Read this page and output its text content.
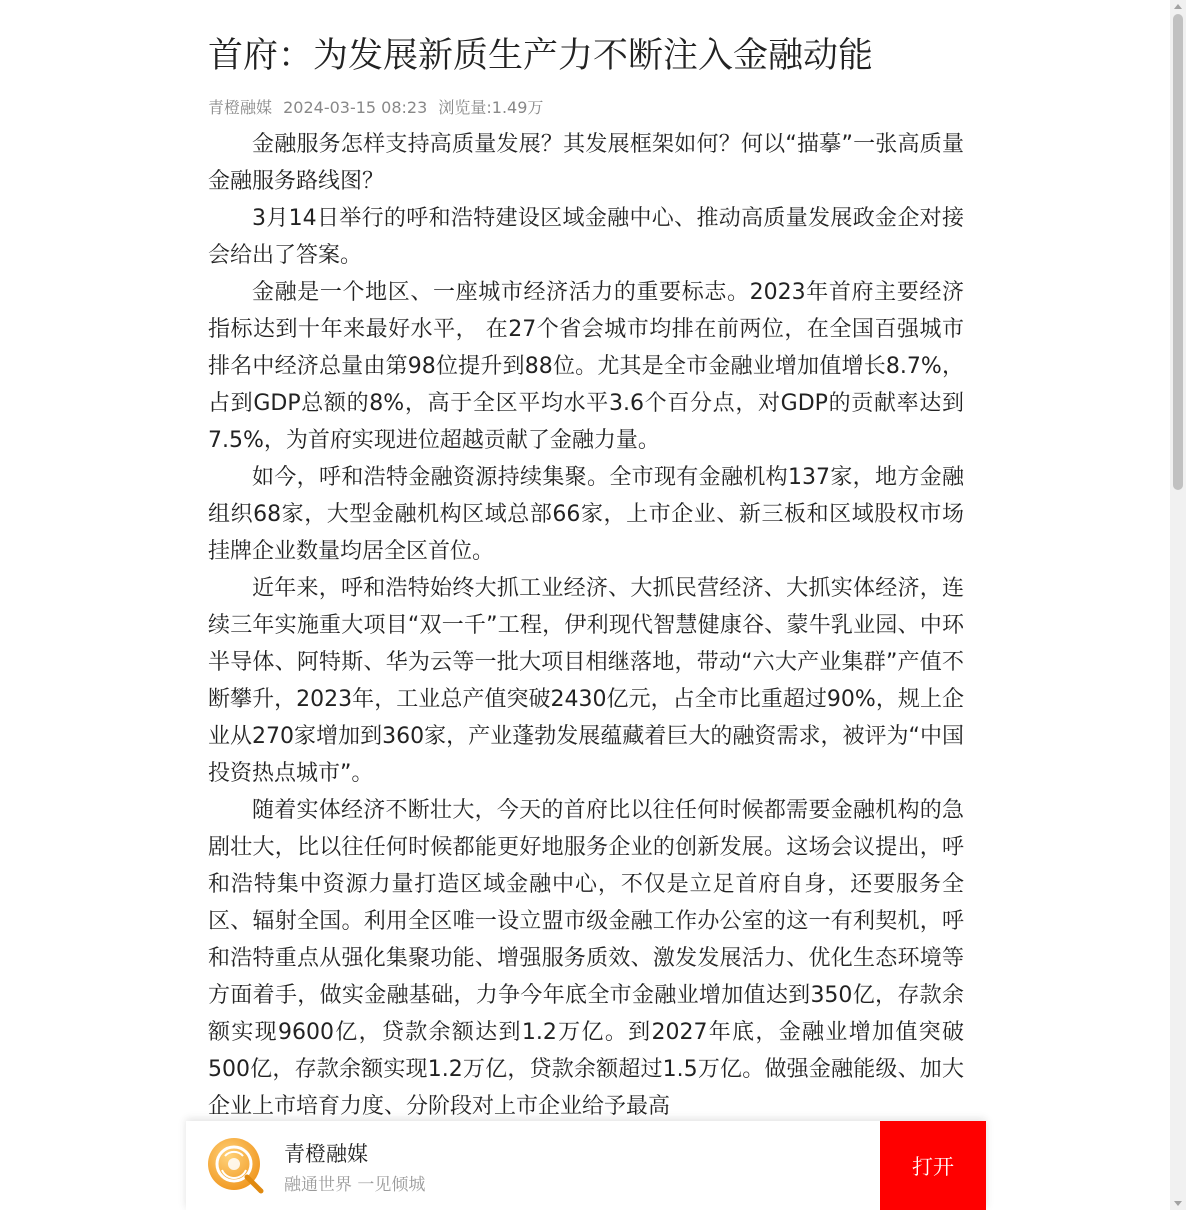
首府：为发展新质生产力不断注入金融动能
青橙融媒 2024-03-15 08:23 浏览量:1.49万

金融服务怎样支持高质量发展？其发展框架如何？何以“描摹”一张高质量金融服务路线图？

3月14日举行的呼和浩特建设区域金融中心、推动高质量发展政金企对接会给出了答案。

金融是一个地区、一座城市经济活力的重要标志。2023年首府主要经济指标达到十年来最好水平， 在27个省会城市均排在前两位，在全国百强城市排名中经济总量由第98位提升到88位。尤其是全市金融业增加值增长8.7%，占到GDP总额的8%，高于全区平均水平3.6个百分点，对GDP的贡献率达到7.5%，为首府实现进位超越贡献了金融力量。

如今，呼和浩特金融资源持续集聚。全市现有金融机构137家，地方金融组织68家，大型金融机构区域总部66家，上市企业、新三板和区域股权市场挂牌企业数量均居全区首位。

近年来，呼和浩特始终大抓工业经济、大抓民营经济、大抓实体经济，连续三年实施重大项目“双一千”工程，伊利现代智慧健康谷、蒙牛乳业园、中环半导体、阿特斯、华为云等一批大项目相继落地，带动“六大产业集群”产值不断攀升，2023年，工业总产值突破2430亿元，占全市比重超过90%，规上企业从270家增加到360家，产业蓬勃发展蕴藏着巨大的融资需求，被评为“中国投资热点城市”。

随着实体经济不断壮大，今天的首府比以往任何时候都需要金融机构的急剧壮大，比以往任何时候都能更好地服务企业的创新发展。这场会议提出，呼和浩特集中资源力量打造区域金融中心，不仅是立足首府自身，还要服务全区、辐射全国。利用全区唯一设立盟市级金融工作办公室的这一有利契机，呼和浩特重点从强化集聚功能、增强服务质效、激发发展活力、优化生态环境等方面着手，做实金融基础，力争今年底全市金融业增加值达到350亿，存款余额实现9600亿，贷款余额达到1.2万亿。到2027年底，金融业增加值突破500亿，存款余额实现1.2万亿，贷款余额超过1.5万亿。做强金融能级、加大企业上市培育力度、分阶段对上市企业给予最高

青橙融媒
融通世界 一见倾城
打开
